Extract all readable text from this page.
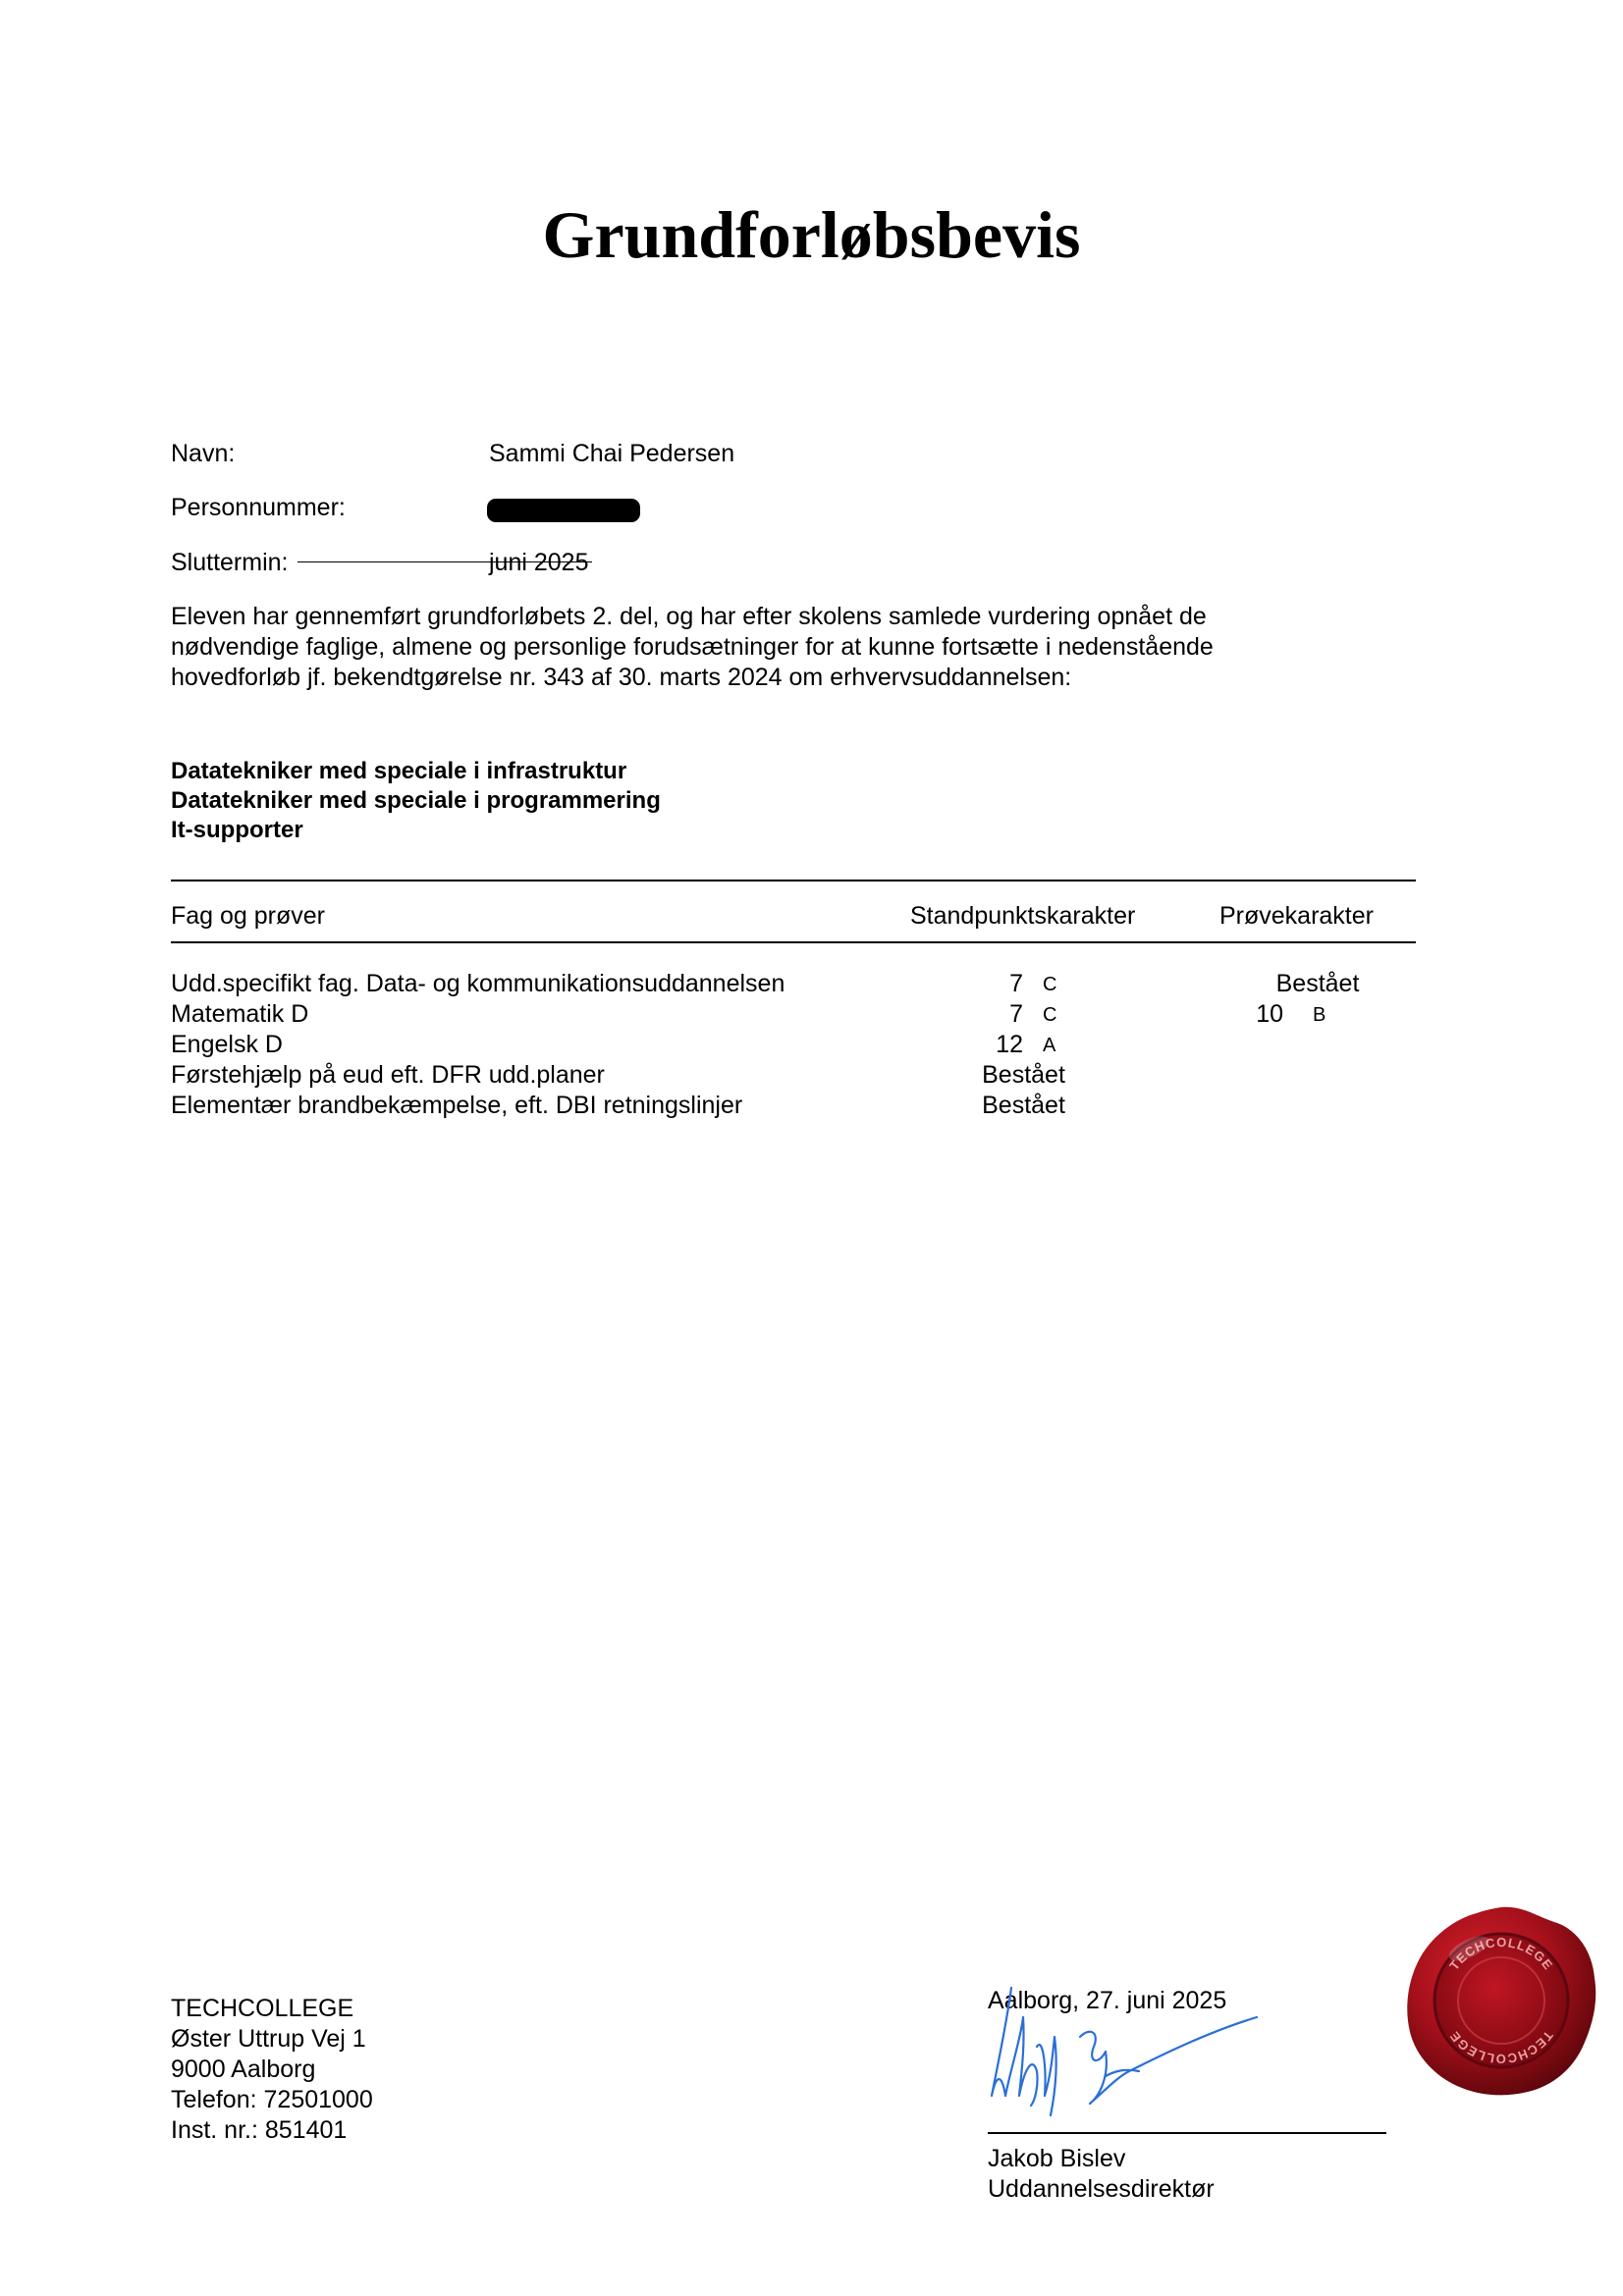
Grundforløbsbevis
Navn:	Sammi Chai Pedersen
Personnummer:
Sluttermin:	juni 2025
Eleven har gennemført grundforløbets 2. del, og har efter skolens samlede vurdering opnået de
nødvendige faglige, almene og personlige forudsætninger for at kunne fortsætte i nedenstående
hovedforløb jf. bekendtgørelse nr. 343 af 30. marts 2024 om erhvervsuddannelsen:
Datatekniker med speciale i infrastruktur
Datatekniker med speciale i programmering
It-supporter
Fag og prøver	Standpunktskarakter	Prøvekarakter
Udd.specifikt fag. Data- og kommunikationsuddannelsen	7 C	Bestået
Matematik D	7 C	10 B
Engelsk D	12 A
Førstehjælp på eud eft. DFR udd.planer	Bestået
Elementær brandbekæmpelse, eft. DBI retningslinjer	Bestået
TECHCOLLEGE
Øster Uttrup Vej 1
9000 Aalborg
Telefon: 72501000
Inst. nr.: 851401
Aalborg, 27. juni 2025
Jakob Bislev
Uddannelsesdirektør
TECHCOLLEGE
TECHCOLLEGE
